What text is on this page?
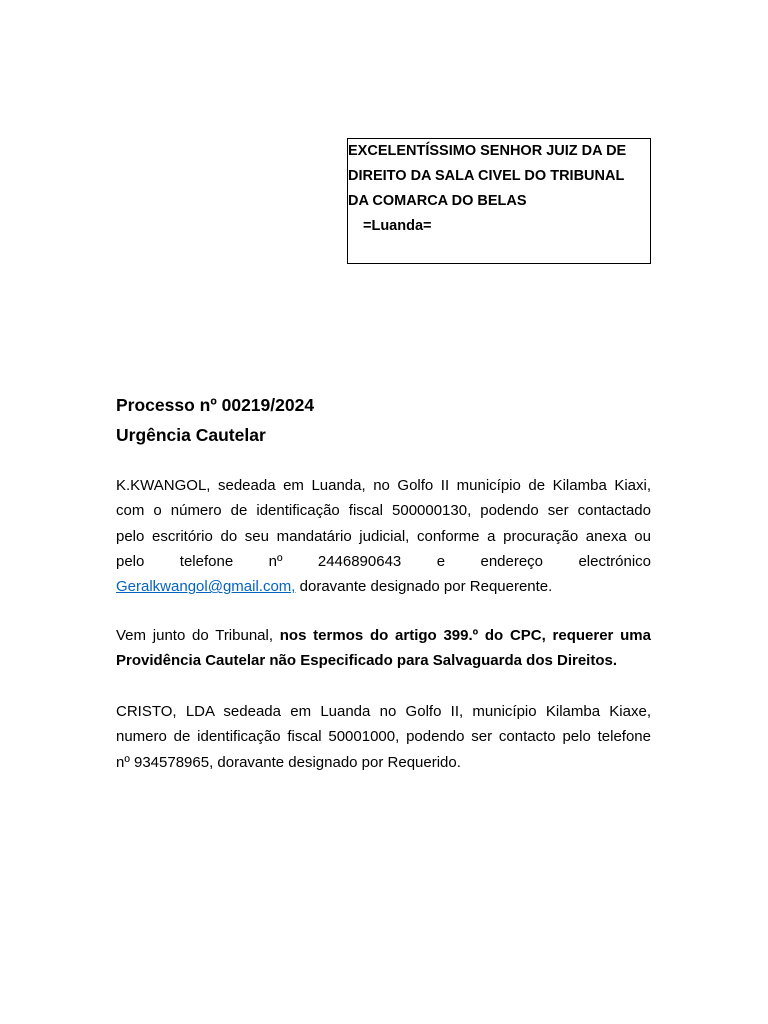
EXCELENTÍSSIMO SENHOR JUIZ DA DE
DIREITO DA SALA CIVEL DO TRIBUNAL
DA COMARCA DO BELAS
=Luanda=
Processo nº 00219/2024
Urgência Cautelar
K.KWANGOL, sedeada em Luanda, no Golfo II município de Kilamba Kiaxi,
com o número de identificação fiscal 500000130, podendo ser contactado
pelo escritório do seu mandatário judicial, conforme a procuração anexa ou
pelo telefone nº 2446890643 e endereço electrónico
Geralkwangol@gmail.com, doravante designado por Requerente.
Vem junto do Tribunal, nos termos do artigo 399.º do CPC, requerer uma
Providência Cautelar não Especificado para Salvaguarda dos Direitos.
CRISTO, LDA sedeada em Luanda no Golfo II, município Kilamba Kiaxe,
numero de identificação fiscal 50001000, podendo ser contacto pelo telefone
nº 934578965, doravante designado por Requerido.
